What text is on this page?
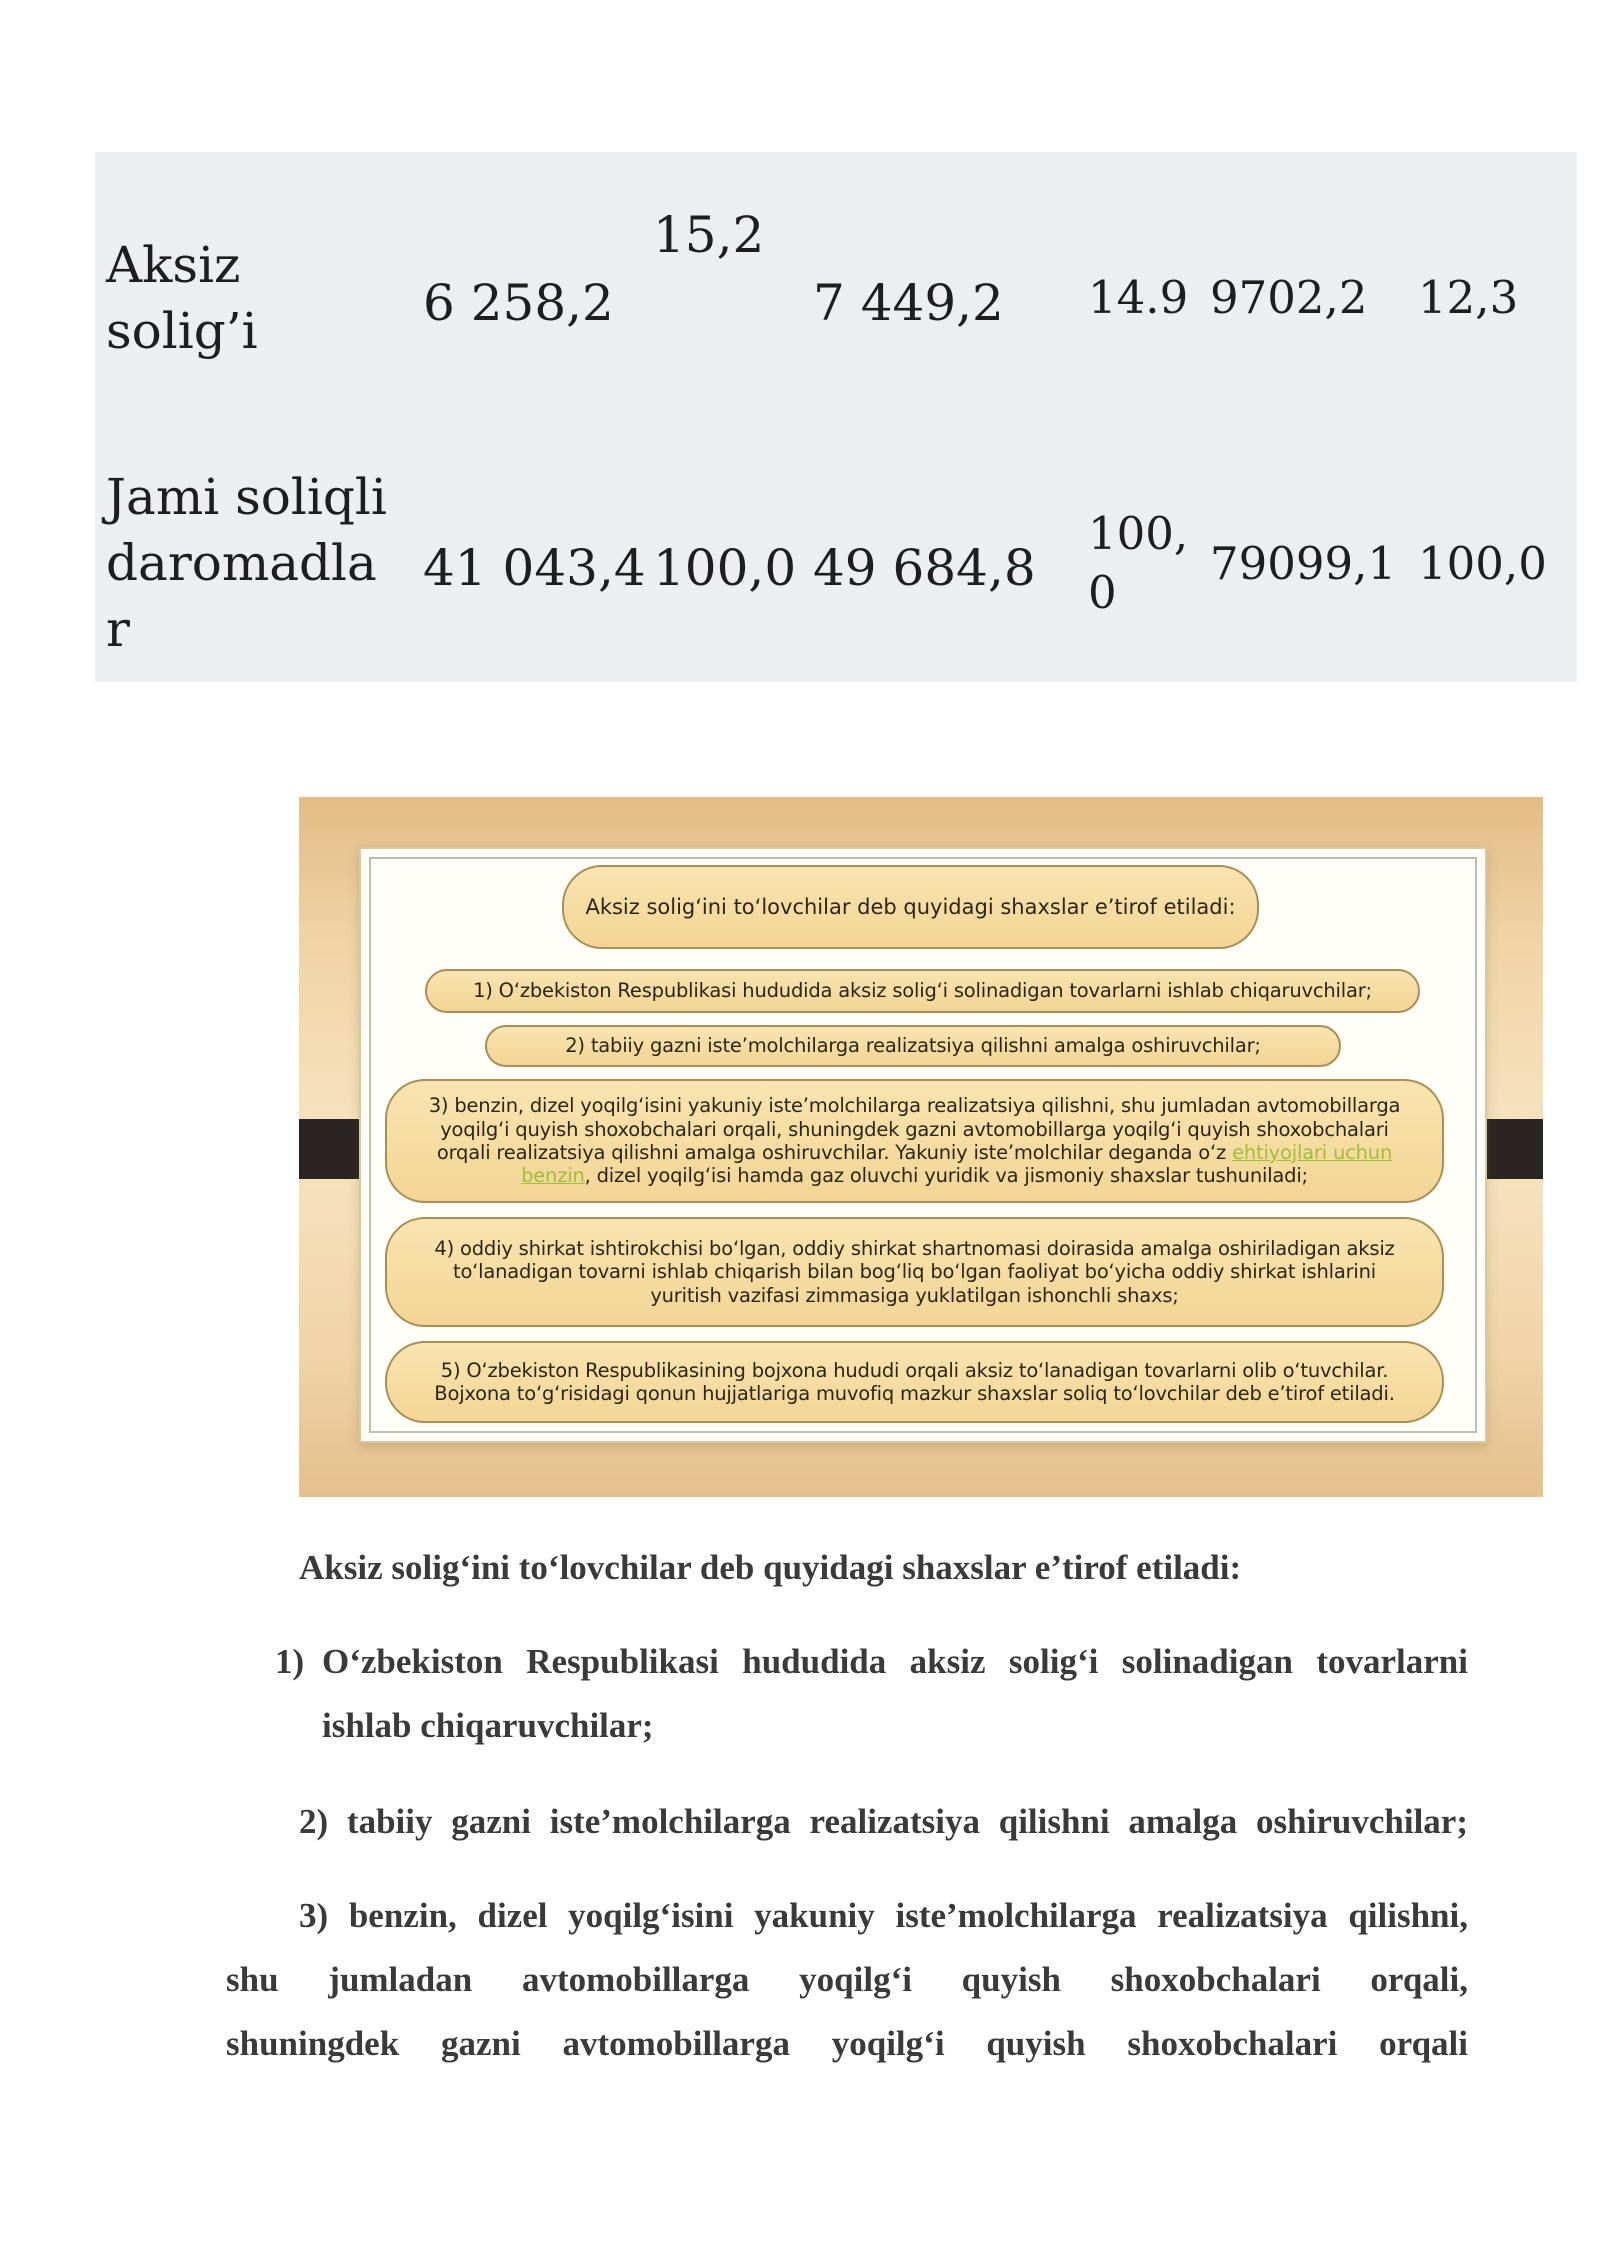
Aksiz
solig’i	6 258,2
15,2
7 449,2 14.9 9702,2 12,3
Jami soliqli
daromadla
r
41 043,4 100,0 49 684,8
100,
0
79099,1 100,0
Aksiz solig‘ini to‘lovchilar deb quyidagi shaxslar e’tirof etiladi:
1) O‘zbekiston Respublikasi hududida aksiz solig‘i solinadigan tovarlarni ishlab chiqaruvchilar;
2) tabiiy gazni iste’molchilarga realizatsiya qilishni amalga oshiruvchilar;
3) benzin, dizel yoqilg‘isini yakuniy iste’molchilarga realizatsiya qilishni, shu jumladan avtomobillarga
yoqilg‘i quyish shoxobchalari orqali, shuningdek gazni avtomobillarga yoqilg‘i quyish shoxobchalari
orqali realizatsiya qilishni amalga oshiruvchilar. Yakuniy iste’molchilar deganda o‘z ehtiyojlari uchun
benzin, dizel yoqilg‘isi hamda gaz oluvchi yuridik va jismoniy shaxslar tushuniladi;
4) oddiy shirkat ishtirokchisi bo‘lgan, oddiy shirkat shartnomasi doirasida amalga oshiriladigan aksiz
to‘lanadigan tovarni ishlab chiqarish bilan bog‘liq bo‘lgan faoliyat bo‘yicha oddiy shirkat ishlarini
yuritish vazifasi zimmasiga yuklatilgan ishonchli shaxs;
5) O‘zbekiston Respublikasining bojxona hududi orqali aksiz to‘lanadigan tovarlarni olib o‘tuvchilar.
Bojxona to‘g‘risidagi qonun hujjatlariga muvofiq mazkur shaxslar soliq to‘lovchilar deb e’tirof etiladi.
Aksiz solig‘ini to‘lovchilar deb quyidagi shaxslar e’tirof etiladi:
1) O‘zbekiston Respublikasi hududida aksiz solig‘i solinadigan tovarlarni
ishlab chiqaruvchilar;
2) tabiiy gazni iste’molchilarga realizatsiya qilishni amalga oshiruvchilar;
3) benzin, dizel yoqilg‘isini yakuniy iste’molchilarga realizatsiya qilishni,
shu jumladan avtomobillarga yoqilg‘i quyish shoxobchalari orqali,
shuningdek gazni avtomobillarga yoqilg‘i quyish shoxobchalari orqali
